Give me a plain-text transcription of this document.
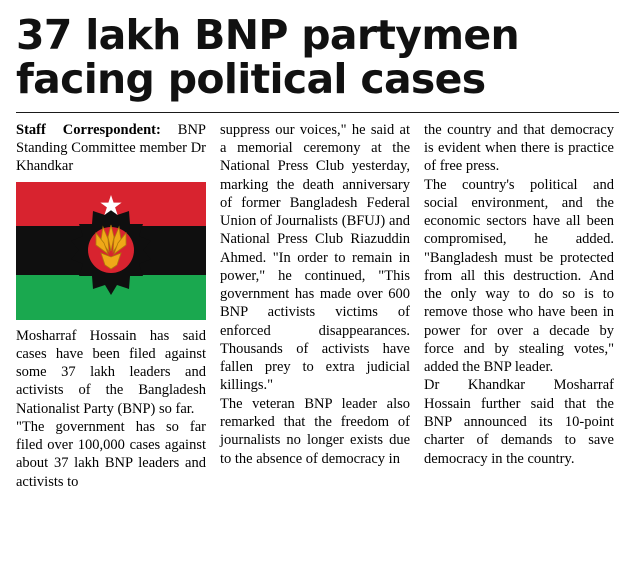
37 lakh BNP partymen
facing political cases

Staff Correspondent: BNP Standing Committee member Dr Khandkar

Mosharraf Hossain has said cases have been filed against some 37 lakh leaders and activists of the Bangladesh Nationalist Party (BNP) so far.

"The government has so far filed over 100,000 cases against about 37 lakh BNP leaders and activists to

suppress our voices," he said at a memorial ceremony at the National Press Club yesterday, marking the death anniversary of former Bangladesh Federal Union of Journalists (BFUJ) and National Press Club Riazuddin Ahmed. "In order to remain in power," he continued, "This government has made over 600 BNP activists victims of enforced disappearances. Thousands of activists have fallen prey to extra judicial killings."

The veteran BNP leader also remarked that the freedom of journalists no longer exists due to the absence of democracy in

the country and that democracy is evident when there is practice of free press.

The country's political and social environment, and the economic sectors have all been compromised, he added. "Bangladesh must be protected from all this destruction. And the only way to do so is to remove those who have been in power for over a decade by force and by stealing votes," added the BNP leader.

Dr Khandkar Mosharraf Hossain further said that the BNP announced its 10-point charter of demands to save democracy in the country.
